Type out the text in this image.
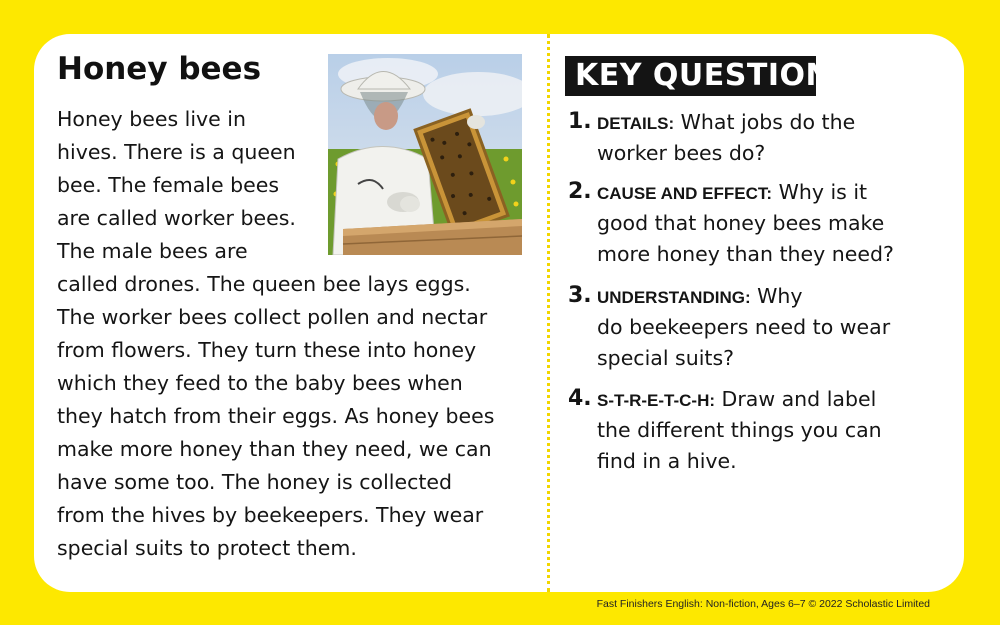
Honey bees
Honey bees live in
hives. There is a queen
bee. The female bees
are called worker bees.
The male bees are
called drones. The queen bee lays eggs.
The worker bees collect pollen and nectar
from flowers. They turn these into honey
which they feed to the baby bees when
they hatch from their eggs. As honey bees
make more honey than they need, we can
have some too. The honey is collected
from the hives by beekeepers. They wear
special suits to protect them.
KEY QUESTIONS
1. DETAILS: What jobs do the
worker bees do?
2. CAUSE AND EFFECT: Why is it
good that honey bees make
more honey than they need?
3. UNDERSTANDING: Why
do beekeepers need to wear
special suits?
4. S-T-R-E-T-C-H: Draw and label
the different things you can
find in a hive.
Fast Finishers English: Non-fiction, Ages 6–7 © 2022 Scholastic Limited
